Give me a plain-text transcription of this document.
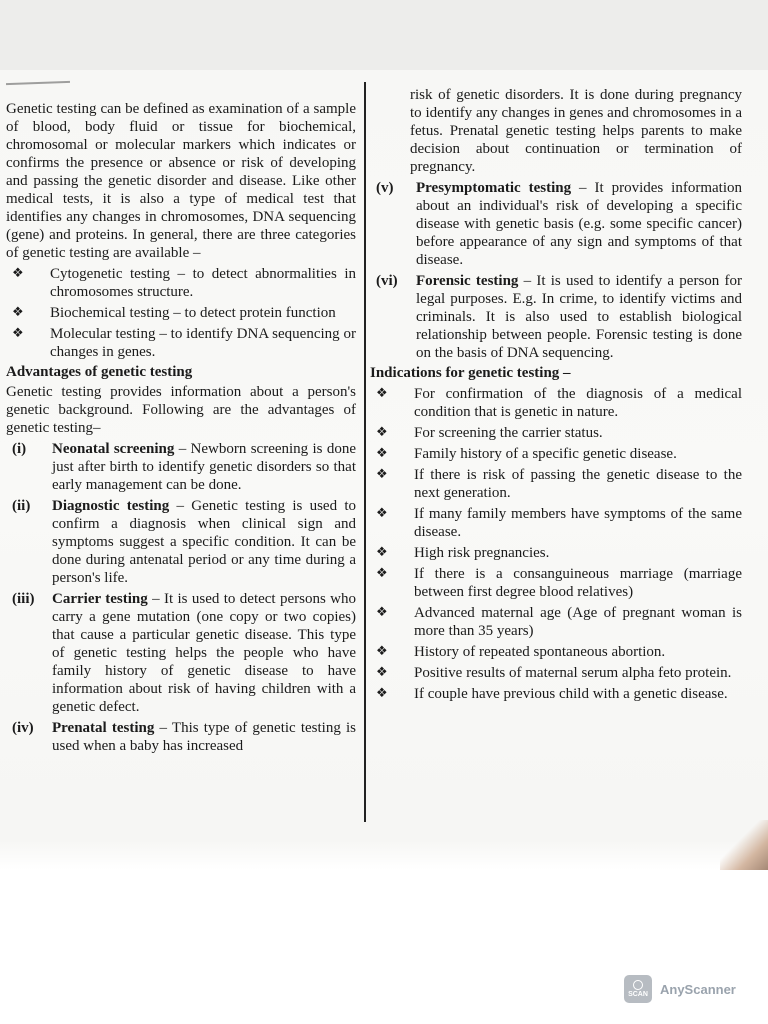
Genetic testing can be defined as examination of a sample of blood, body fluid or tissue for biochemical, chromosomal or molecular markers which indicates or confirms the presence or absence or risk of developing and passing the genetic disorder and disease. Like other medical tests, it is also a type of medical test that identifies any changes in chromosomes, DNA sequencing (gene) and proteins. In general, there are three categories of genetic testing are available –

❖	Cytogenetic testing – to detect abnormalities in chromosomes structure.
❖	Biochemical testing – to detect protein function
❖	Molecular testing – to identify DNA sequencing or changes in genes.

Advantages of genetic testing

Genetic testing provides information about a person's genetic background. Following are the advantages of genetic testing–

(i)	Neonatal screening – Newborn screening is done just after birth to identify genetic disorders so that early management can be done.
(ii)	Diagnostic testing – Genetic testing is used to confirm a diagnosis when clinical sign and symptoms suggest a specific condition. It can be done during antenatal period or any time during a person's life.
(iii)	Carrier testing – It is used to detect persons who carry a gene mutation (one copy or two copies) that cause a particular genetic disease. This type of genetic testing helps the people who have family history of genetic disease to have information about risk of having children with a genetic defect.
(iv)	Prenatal testing – This type of genetic testing is used when a baby has increased

risk of genetic disorders. It is done during pregnancy to identify any changes in genes and chromosomes in a fetus. Prenatal genetic testing helps parents to make decision about continuation or termination of pregnancy.

(v)	Presymptomatic testing – It provides information about an individual's risk of developing a specific disease with genetic basis (e.g. some specific cancer) before appearance of any sign and symptoms of that disease.
(vi)	Forensic testing – It is used to identify a person for legal purposes. E.g. In crime, to identify victims and criminals. It is also used to establish biological relationship between people. Forensic testing is done on the basis of DNA sequencing.

Indications for genetic testing –

❖	For confirmation of the diagnosis of a medical condition that is genetic in nature.
❖	For screening the carrier status.
❖	Family history of a specific genetic disease.
❖	If there is risk of passing the genetic disease to the next generation.
❖	If many family members have symptoms of the same disease.
❖	High risk pregnancies.
❖	If there is a consanguineous marriage (marriage between first degree blood relatives)
❖	Advanced maternal age (Age of pregnant woman is more than 35 years)
❖	History of repeated spontaneous abortion.
❖	Positive results of maternal serum alpha feto protein.
❖	If couple have previous child with a genetic disease.
SCAN AnyScanner
